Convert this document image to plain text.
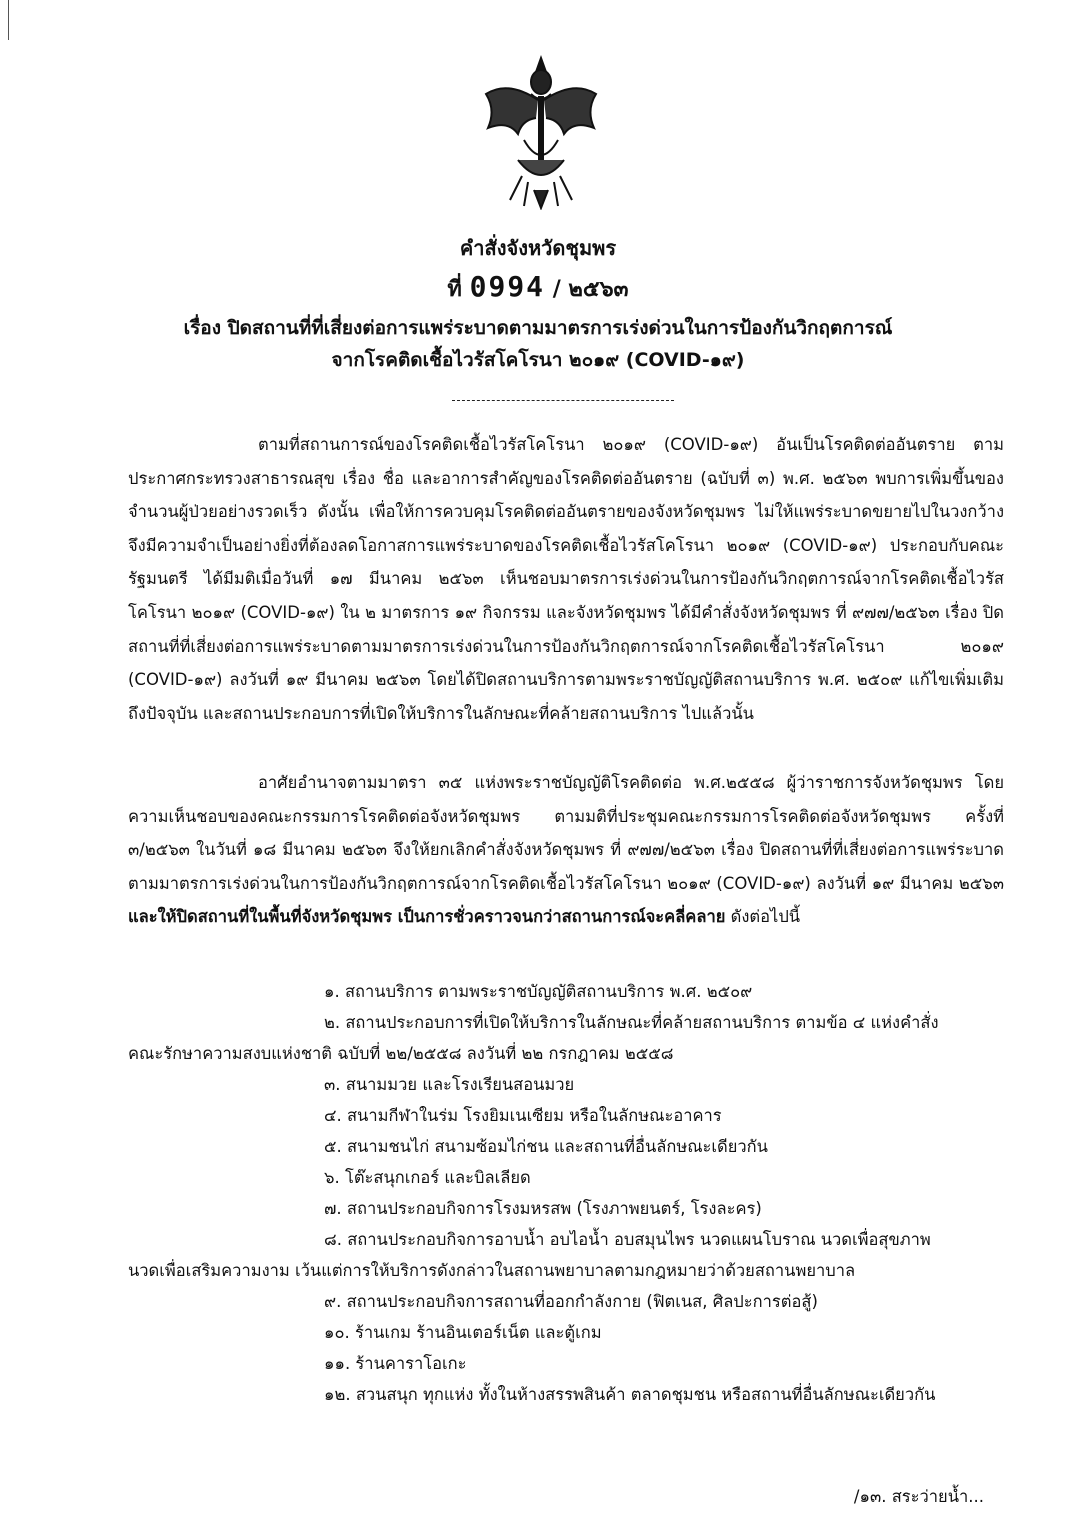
คำสั่งจังหวัดชุมพร
ที่ 0994 / ๒๕๖๓
เรื่อง ปิดสถานที่ที่เสี่ยงต่อการแพร่ระบาดตามมาตรการเร่งด่วนในการป้องกันวิกฤตการณ์
จากโรคติดเชื้อไวรัสโคโรนา ๒๐๑๙ (COVID-๑๙)
ตามที่สถานการณ์ของโรคติดเชื้อไวรัสโคโรนา ๒๐๑๙ (COVID-๑๙) อันเป็นโรคติดต่ออันตราย ตามประกาศกระทรวงสาธารณสุข เรื่อง ชื่อ และอาการสำคัญของโรคติดต่ออันตราย (ฉบับที่ ๓) พ.ศ. ๒๕๖๓ พบการเพิ่มขึ้นของจำนวนผู้ป่วยอย่างรวดเร็ว ดังนั้น เพื่อให้การควบคุมโรคติดต่ออันตรายของจังหวัดชุมพร ไม่ให้แพร่ระบาดขยายไปในวงกว้าง จึงมีความจำเป็นอย่างยิ่งที่ต้องลดโอกาสการแพร่ระบาดของโรคติดเชื้อไวรัสโคโรนา ๒๐๑๙ (COVID-๑๙) ประกอบกับคณะรัฐมนตรี ได้มีมติเมื่อวันที่ ๑๗ มีนาคม ๒๕๖๓ เห็นชอบมาตรการเร่งด่วนในการป้องกันวิกฤตการณ์จากโรคติดเชื้อไวรัสโคโรนา ๒๐๑๙ (COVID-๑๙) ใน ๒ มาตรการ ๑๙ กิจกรรม และจังหวัดชุมพร ได้มีคำสั่งจังหวัดชุมพร ที่ ๙๗๗/๒๕๖๓ เรื่อง ปิดสถานที่ที่เสี่ยงต่อการแพร่ระบาดตามมาตรการเร่งด่วนในการป้องกันวิกฤตการณ์จากโรคติดเชื้อไวรัสโคโรนา ๒๐๑๙ (COVID-๑๙) ลงวันที่ ๑๙ มีนาคม ๒๕๖๓ โดยได้ปิดสถานบริการตามพระราชบัญญัติสถานบริการ พ.ศ. ๒๕๐๙ แก้ไขเพิ่มเติมถึงปัจจุบัน และสถานประกอบการที่เปิดให้บริการในลักษณะที่คล้ายสถานบริการ ไปแล้วนั้น
อาศัยอำนาจตามมาตรา ๓๕ แห่งพระราชบัญญัติโรคติดต่อ พ.ศ.๒๕๕๘ ผู้ว่าราชการจังหวัดชุมพร โดยความเห็นชอบของคณะกรรมการโรคติดต่อจังหวัดชุมพร ตามมติที่ประชุมคณะกรรมการโรคติดต่อจังหวัดชุมพร ครั้งที่ ๓/๒๕๖๓ ในวันที่ ๑๘ มีนาคม ๒๕๖๓ จึงให้ยกเลิกคำสั่งจังหวัดชุมพร ที่ ๙๗๗/๒๕๖๓ เรื่อง ปิดสถานที่ที่เสี่ยงต่อการแพร่ระบาดตามมาตรการเร่งด่วนในการป้องกันวิกฤตการณ์จากโรคติดเชื้อไวรัสโคโรนา ๒๐๑๙ (COVID-๑๙) ลงวันที่ ๑๙ มีนาคม ๒๕๖๓ และให้ปิดสถานที่ในพื้นที่จังหวัดชุมพร เป็นการชั่วคราวจนกว่าสถานการณ์จะคลี่คลาย ดังต่อไปนี้
๑. สถานบริการ ตามพระราชบัญญัติสถานบริการ พ.ศ. ๒๕๐๙
๒. สถานประกอบการที่เปิดให้บริการในลักษณะที่คล้ายสถานบริการ ตามข้อ ๔ แห่งคำสั่ง
คณะรักษาความสงบแห่งชาติ ฉบับที่ ๒๒/๒๕๕๘ ลงวันที่ ๒๒ กรกฎาคม ๒๕๕๘
๓. สนามมวย และโรงเรียนสอนมวย
๔. สนามกีฬาในร่ม โรงยิมเนเซียม หรือในลักษณะอาคาร
๕. สนามชนไก่ สนามซ้อมไก่ชน และสถานที่อื่นลักษณะเดียวกัน
๖. โต๊ะสนุกเกอร์ และบิลเลียด
๗. สถานประกอบกิจการโรงมหรสพ (โรงภาพยนตร์, โรงละคร)
๘. สถานประกอบกิจการอาบน้ำ อบไอน้ำ อบสมุนไพร นวดแผนโบราณ นวดเพื่อสุขภาพ
นวดเพื่อเสริมความงาม เว้นแต่การให้บริการดังกล่าวในสถานพยาบาลตามกฎหมายว่าด้วยสถานพยาบาล
๙. สถานประกอบกิจการสถานที่ออกกำลังกาย (ฟิตเนส, ศิลปะการต่อสู้)
๑๐. ร้านเกม ร้านอินเตอร์เน็ต และตู้เกม
๑๑. ร้านคาราโอเกะ
๑๒. สวนสนุก ทุกแห่ง ทั้งในห้างสรรพสินค้า ตลาดชุมชน หรือสถานที่อื่นลักษณะเดียวกัน
/๑๓. สระว่ายน้ำ...
